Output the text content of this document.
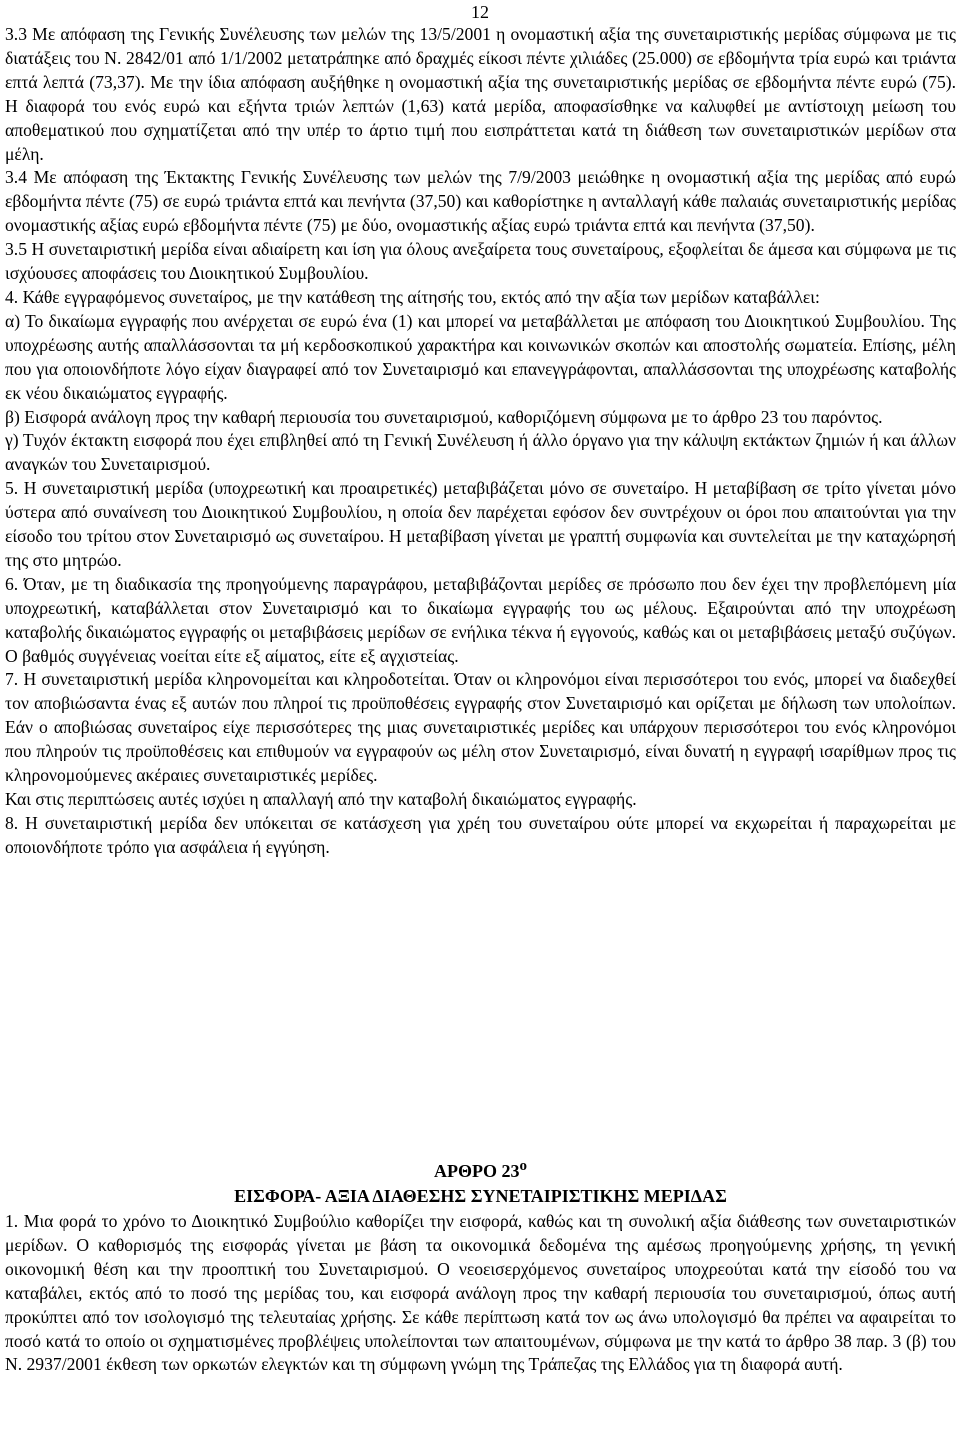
12

3.3 Με απόφαση της Γενικής Συνέλευσης των μελών της 13/5/2001 η ονομαστική αξία της συνεταιριστικής μερίδας σύμφωνα με τις διατάξεις του Ν. 2842/01 από 1/1/2002 μετατράπηκε από δραχμές είκοσι πέντε χιλιάδες (25.000) σε εβδομήντα τρία ευρώ και τριάντα επτά λεπτά (73,37). Με την ίδια απόφαση αυξήθηκε η ονομαστική αξία της συνεταιριστικής μερίδας σε εβδομήντα πέντε ευρώ (75). Η διαφορά του ενός ευρώ και εξήντα τριών λεπτών (1,63) κατά μερίδα, αποφασίσθηκε να καλυφθεί με αντίστοιχη μείωση του αποθεματικού που σχηματίζεται από την υπέρ το άρτιο τιμή που εισπράττεται κατά τη διάθεση των συνεταιριστικών μερίδων στα μέλη.

3.4 Με απόφαση της Έκτακτης Γενικής Συνέλευσης των μελών της 7/9/2003 μειώθηκε η ονομαστική αξία της μερίδας από ευρώ εβδομήντα πέντε (75) σε ευρώ τριάντα επτά και πενήντα (37,50) και καθορίστηκε η ανταλλαγή κάθε παλαιάς συνεταιριστικής μερίδας ονομαστικής αξίας ευρώ εβδομήντα πέντε (75) με δύο, ονομαστικής αξίας ευρώ τριάντα επτά και πενήντα (37,50).

3.5 Η συνεταιριστική μερίδα είναι αδιαίρετη και ίση για όλους ανεξαίρετα τους συνεταίρους, εξοφλείται δε άμεσα και σύμφωνα με τις ισχύουσες αποφάσεις του Διοικητικού Συμβουλίου.

4. Κάθε εγγραφόμενος συνεταίρος, με την κατάθεση της αίτησής του, εκτός από την αξία των μερίδων καταβάλλει:

α) Το δικαίωμα εγγραφής που ανέρχεται σε ευρώ ένα (1) και μπορεί να μεταβάλλεται με απόφαση του Διοικητικού Συμβουλίου. Της υποχρέωσης αυτής απαλλάσσονται τα μή κερδοσκοπικού χαρακτήρα και κοινωνικών σκοπών και αποστολής σωματεία. Επίσης, μέλη που για οποιονδήποτε λόγο είχαν διαγραφεί από τον Συνεταιρισμό και επανεγγράφονται, απαλλάσσονται της υποχρέωσης καταβολής εκ νέου δικαιώματος εγγραφής.

β) Εισφορά ανάλογη προς την καθαρή περιουσία του συνεταιρισμού, καθοριζόμενη σύμφωνα με το άρθρο 23 του παρόντος.

γ) Τυχόν έκτακτη εισφορά που έχει επιβληθεί από τη Γενική Συνέλευση ή άλλο όργανο για την κάλυψη εκτάκτων ζημιών ή και άλλων αναγκών του Συνεταιρισμού.

5. Η συνεταιριστική μερίδα (υποχρεωτική και προαιρετικές) μεταβιβάζεται μόνο σε συνεταίρο. Η μεταβίβαση σε τρίτο γίνεται μόνο ύστερα από συναίνεση του Διοικητικού Συμβουλίου, η οποία δεν παρέχεται εφόσον δεν συντρέχουν οι όροι που απαιτούνται για την είσοδο του τρίτου στον Συνεταιρισμό ως συνεταίρου. Η μεταβίβαση γίνεται με γραπτή συμφωνία και συντελείται με την καταχώρησή της στο μητρώο.

6. Όταν, με τη διαδικασία της προηγούμενης παραγράφου, μεταβιβάζονται μερίδες σε πρόσωπο που δεν έχει την προβλεπόμενη μία υποχρεωτική, καταβάλλεται στον Συνεταιρισμό και το δικαίωμα εγγραφής του ως μέλους. Εξαιρούνται από την υποχρέωση καταβολής δικαιώματος εγγραφής οι μεταβιβάσεις μερίδων σε ενήλικα τέκνα ή εγγονούς, καθώς και οι μεταβιβάσεις μεταξύ συζύγων. Ο βαθμός συγγένειας νοείται είτε εξ αίματος, είτε εξ αγχιστείας.

7. Η συνεταιριστική μερίδα κληρονομείται και κληροδοτείται. Όταν οι κληρονόμοι είναι περισσότεροι του ενός, μπορεί να διαδεχθεί τον αποβιώσαντα ένας εξ αυτών που πληροί τις προϋποθέσεις εγγραφής στον Συνεταιρισμό και ορίζεται με δήλωση των υπολοίπων. Εάν ο αποβιώσας συνεταίρος είχε περισσότερες της μιας συνεταιριστικές μερίδες και υπάρχουν περισσότεροι του ενός κληρονόμοι που πληρούν τις προϋποθέσεις και επιθυμούν να εγγραφούν ως μέλη στον Συνεταιρισμό, είναι δυνατή η εγγραφή ισαρίθμων προς τις κληρονομούμενες ακέραιες συνεταιριστικές μερίδες.

Και στις περιπτώσεις αυτές ισχύει η απαλλαγή από την καταβολή δικαιώματος εγγραφής.

8. Η συνεταιριστική μερίδα δεν υπόκειται σε κατάσχεση για χρέη του συνεταίρου ούτε μπορεί να εκχωρείται ή παραχωρείται με οποιονδήποτε τρόπο για ασφάλεια ή εγγύηση.

ΑΡΘΡΟ $23^o$

ΕΙΣΦΟΡΑ- ΑΞΙΑ ΔΙΑΘΕΣΗΣ ΣΥΝΕΤΑΙΡΙΣΤΙΚΗΣ ΜΕΡΙΔΑΣ

1. Μια φορά το χρόνο το Διοικητικό Συμβούλιο καθορίζει την εισφορά, καθώς και τη συνολική αξία διάθεσης των συνεταιριστικών μερίδων. Ο καθορισμός της εισφοράς γίνεται με βάση τα οικονομικά δεδομένα της αμέσως προηγούμενης χρήσης, τη γενική οικονομική θέση και την προοπτική του Συνεταιρισμού. Ο νεοεισερχόμενος συνεταίρος υποχρεούται κατά την είσοδό του να καταβάλει, εκτός από το ποσό της μερίδας του, και εισφορά ανάλογη προς την καθαρή περιουσία του συνεταιρισμού, όπως αυτή προκύπτει από τον ισολογισμό της τελευταίας χρήσης. Σε κάθε περίπτωση κατά τον ως άνω υπολογισμό θα πρέπει να αφαιρείται το ποσό κατά το οποίο οι σχηματισμένες προβλέψεις υπολείπονται των απαιτουμένων, σύμφωνα με την κατά το άρθρο 38 παρ. 3 (β) του Ν. 2937/2001 έκθεση των ορκωτών ελεγκτών και τη σύμφωνη γνώμη της Τράπεζας της Ελλάδος για τη διαφορά αυτή.
